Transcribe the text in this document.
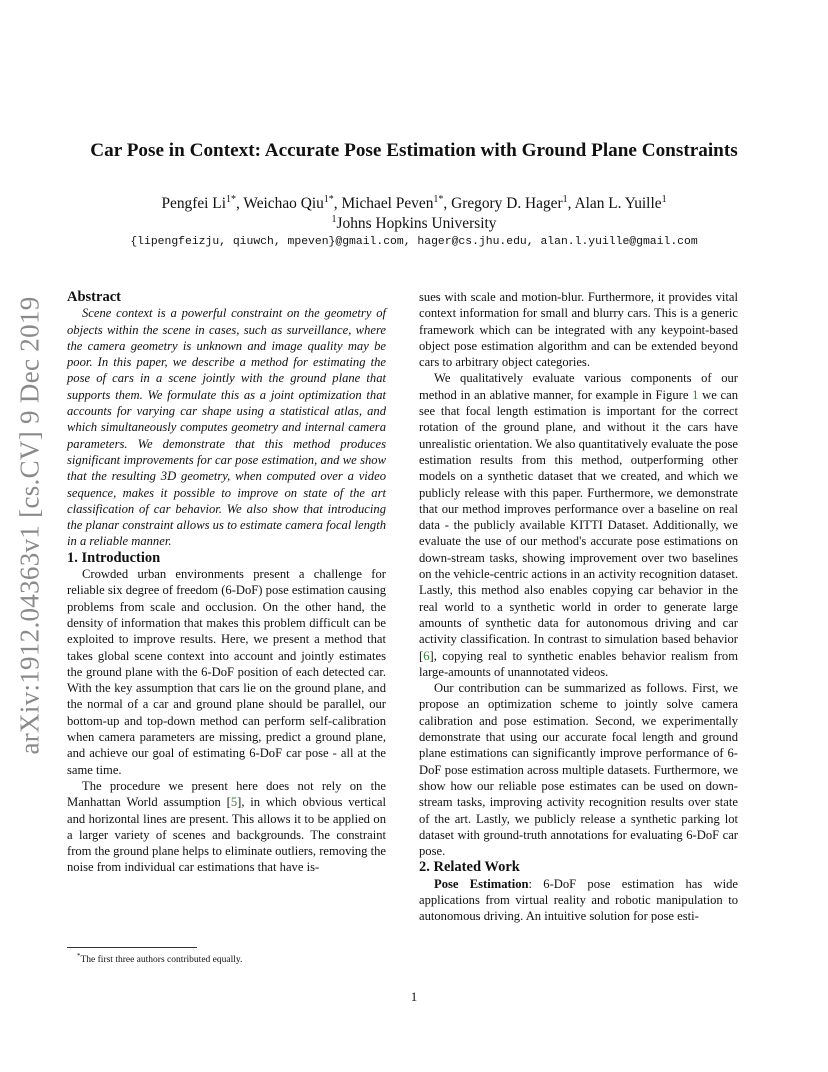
arXiv:1912.04363v1 [cs.CV] 9 Dec 2019
Car Pose in Context: Accurate Pose Estimation with Ground Plane Constraints
Pengfei $Li^{1*}$, Weichao Qiu$^{1*}$, Michael Peven$^{1*}$, Gregory D. Hager$^1$, Alan L. Yuille$^1$
$^1$Johns Hopkins University
{lipengfeizju, qiuwch, mpeven}@gmail.com, hager@cs.jhu.edu, alan.l.yuille@gmail.com

Abstract

Scene context is a powerful constraint on the geometry of objects within the scene in cases, such as surveillance, where the camera geometry is unknown and image quality may be poor. In this paper, we describe a method for estimating the pose of cars in a scene jointly with the ground plane that supports them. We formulate this as a joint optimization that accounts for varying car shape using a statistical atlas, and which simultaneously computes geometry and internal camera parameters. We demonstrate that this method produces significant improvements for car pose estimation, and we show that the resulting 3D geometry, when computed over a video sequence, makes it possible to improve on state of the art classification of car behavior. We also show that introducing the planar constraint allows us to estimate camera focal length in a reliable manner.

1. Introduction

Crowded urban environments present a challenge for reliable six degree of freedom (6-DoF) pose estimation causing problems from scale and occlusion. On the other hand, the density of information that makes this problem difficult can be exploited to improve results. Here, we present a method that takes global scene context into account and jointly estimates the ground plane with the 6-DoF position of each detected car. With the key assumption that cars lie on the ground plane, and the normal of a car and ground plane should be parallel, our bottom-up and top-down method can perform self-calibration when camera parameters are missing, predict a ground plane, and achieve our goal of estimating 6-DoF car pose - all at the same time.

The procedure we present here does not rely on the Manhattan World assumption [5], in which obvious vertical and horizontal lines are present. This allows it to be applied on a larger variety of scenes and backgrounds. The constraint from the ground plane helps to eliminate outliers, removing the noise from individual car estimations that have is-

sues with scale and motion-blur. Furthermore, it provides vital context information for small and blurry cars. This is a generic framework which can be integrated with any keypoint-based object pose estimation algorithm and can be extended beyond cars to arbitrary object categories.

We qualitatively evaluate various components of our method in an ablative manner, for example in Figure 1 we can see that focal length estimation is important for the correct rotation of the ground plane, and without it the cars have unrealistic orientation. We also quantitatively evaluate the pose estimation results from this method, outperforming other models on a synthetic dataset that we created, and which we publicly release with this paper. Furthermore, we demonstrate that our method improves performance over a baseline on real data - the publicly available KITTI Dataset. Additionally, we evaluate the use of our method's accurate pose estimations on down-stream tasks, showing improvement over two baselines on the vehicle-centric actions in an activity recognition dataset. Lastly, this method also enables copying car behavior in the real world to a synthetic world in order to generate large amounts of synthetic data for autonomous driving and car activity classification. In contrast to simulation based behavior [6], copying real to synthetic enables behavior realism from large-amounts of unannotated videos.

Our contribution can be summarized as follows. First, we propose an optimization scheme to jointly solve camera calibration and pose estimation. Second, we experimentally demonstrate that using our accurate focal length and ground plane estimations can significantly improve performance of 6-DoF pose estimation across multiple datasets. Furthermore, we show how our reliable pose estimates can be used on down-stream tasks, improving activity recognition results over state of the art. Lastly, we publicly release a synthetic parking lot dataset with ground-truth annotations for evaluating 6-DoF car pose.

2. Related Work

Pose Estimation: 6-DoF pose estimation has wide applications from virtual reality and robotic manipulation to autonomous driving. An intuitive solution for pose esti-

*The first three authors contributed equally.
1
